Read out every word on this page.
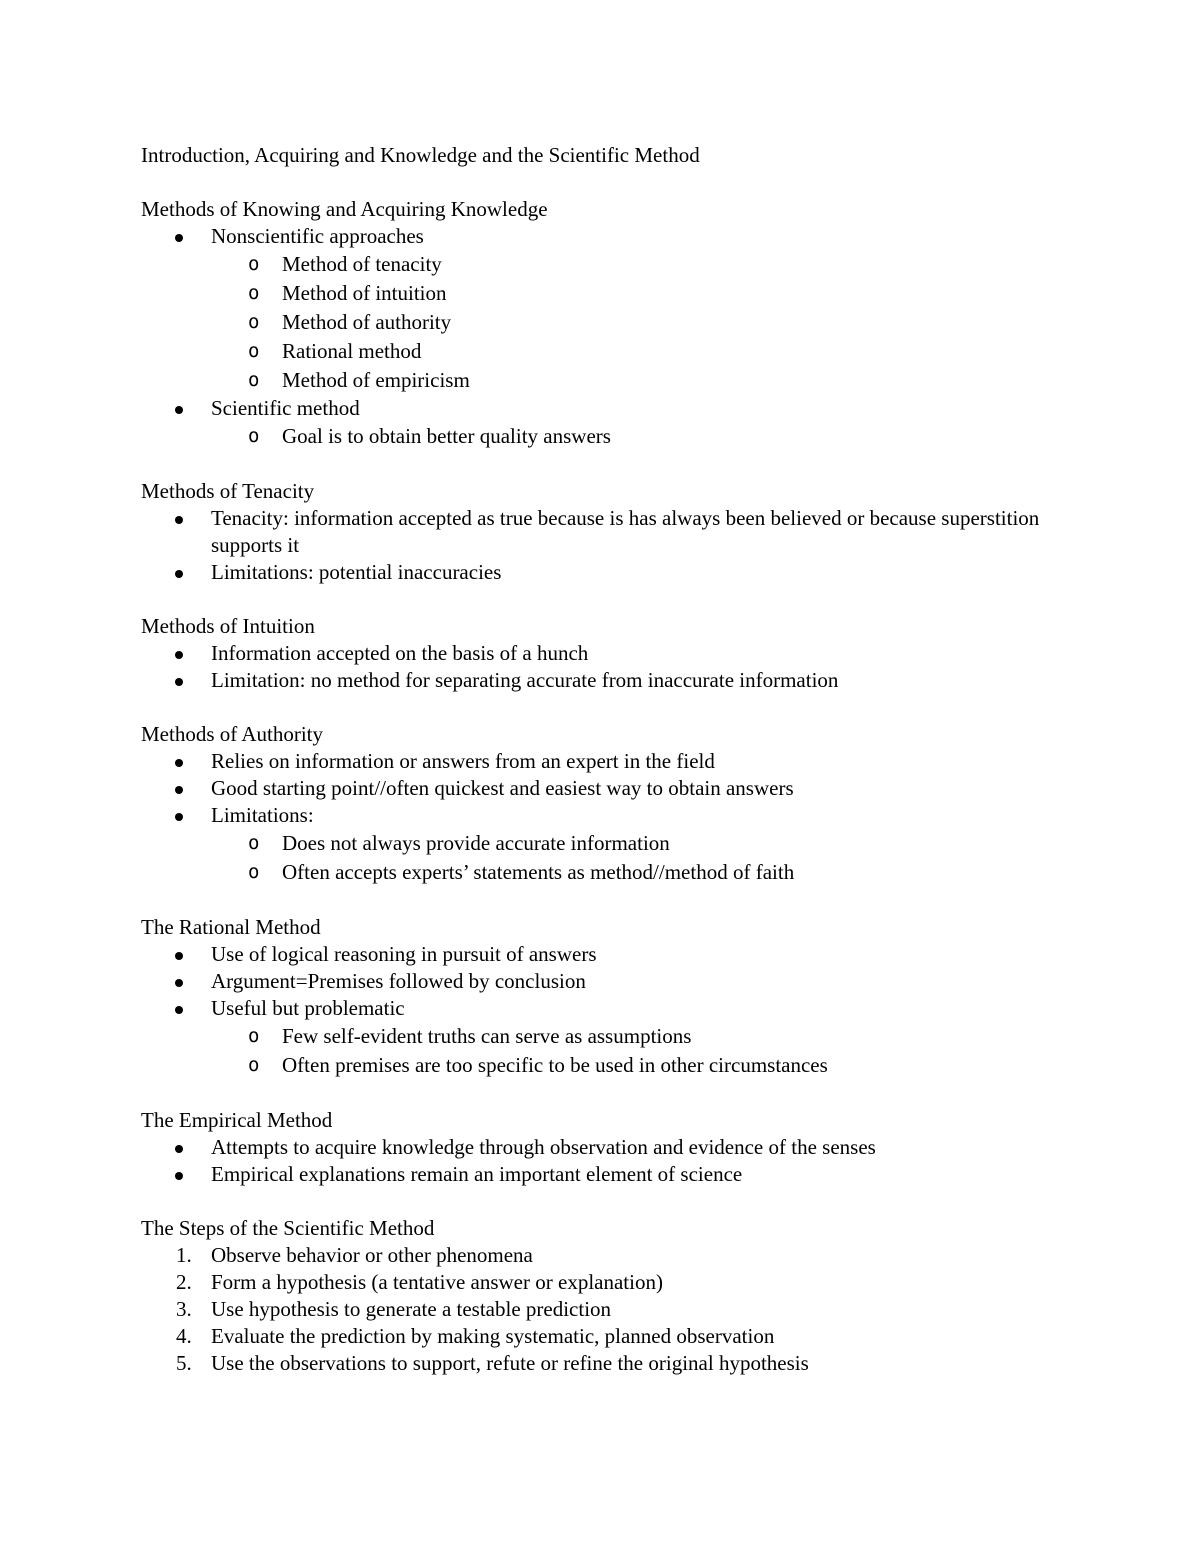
Introduction, Acquiring and Knowledge and the Scientific Method
Methods of Knowing and Acquiring Knowledge
Nonscientific approaches
o Method of tenacity
o Method of intuition
o Method of authority
o Rational method
o Method of empiricism
Scientific method
o Goal is to obtain better quality answers
Methods of Tenacity
Tenacity: information accepted as true because is has always been believed or because superstition supports it
Limitations: potential inaccuracies
Methods of Intuition
Information accepted on the basis of a hunch
Limitation: no method for separating accurate from inaccurate information
Methods of Authority
Relies on information or answers from an expert in the field
Good starting point//often quickest and easiest way to obtain answers
Limitations:
o Does not always provide accurate information
o Often accepts experts’ statements as method//method of faith
The Rational Method
Use of logical reasoning in pursuit of answers
Argument=Premises followed by conclusion
Useful but problematic
o Few self-evident truths can serve as assumptions
o Often premises are too specific to be used in other circumstances
The Empirical Method
Attempts to acquire knowledge through observation and evidence of the senses
Empirical explanations remain an important element of science
The Steps of the Scientific Method
1. Observe behavior or other phenomena
2. Form a hypothesis (a tentative answer or explanation)
3. Use hypothesis to generate a testable prediction
4. Evaluate the prediction by making systematic, planned observation
5. Use the observations to support, refute or refine the original hypothesis
